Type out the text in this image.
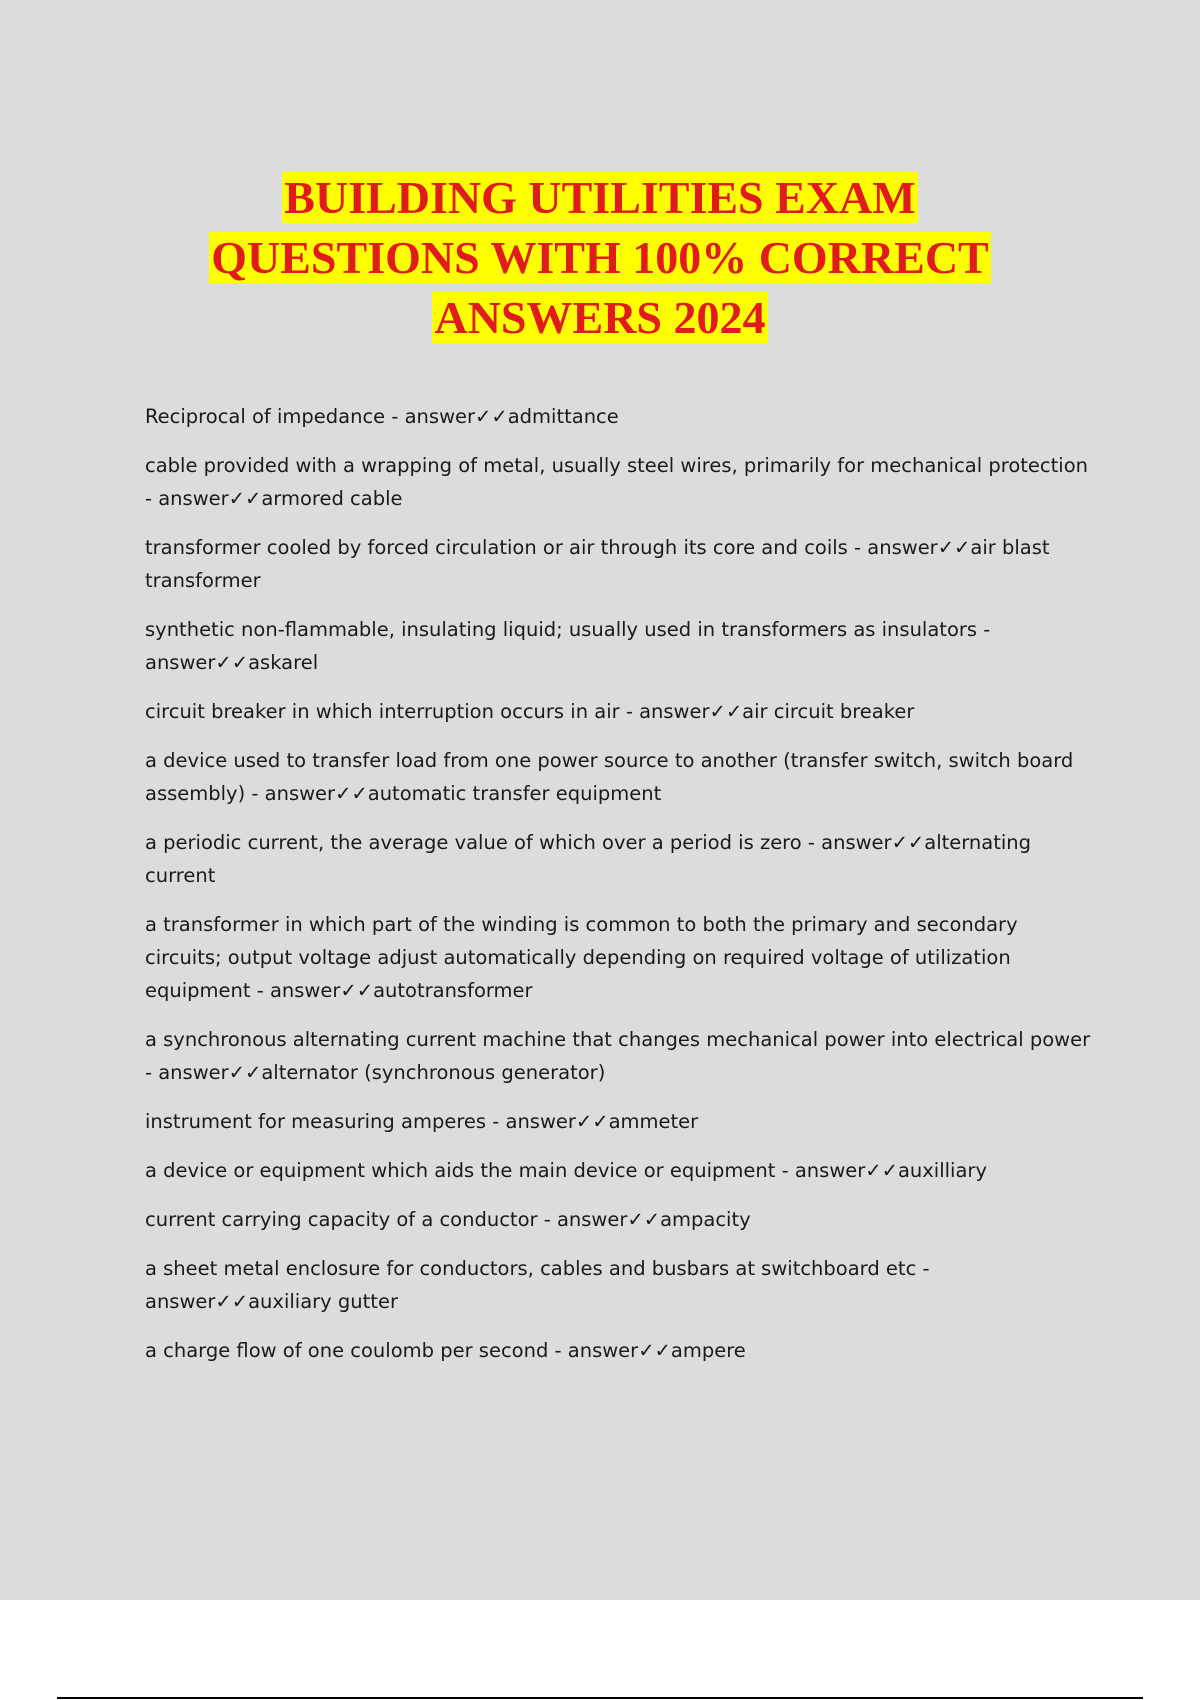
BUILDING UTILITIES EXAM
QUESTIONS WITH 100% CORRECT
ANSWERS 2024
Reciprocal of impedance - answer✓✓admittance
cable provided with a wrapping of metal, usually steel wires, primarily for mechanical protection - answer✓✓armored cable
transformer cooled by forced circulation or air through its core and coils - answer✓✓air blast transformer
synthetic non-flammable, insulating liquid; usually used in transformers as insulators - answer✓✓askarel
circuit breaker in which interruption occurs in air - answer✓✓air circuit breaker
a device used to transfer load from one power source to another (transfer switch, switch board assembly) - answer✓✓automatic transfer equipment
a periodic current, the average value of which over a period is zero - answer✓✓alternating current
a transformer in which part of the winding is common to both the primary and secondary circuits; output voltage adjust automatically depending on required voltage of utilization equipment - answer✓✓autotransformer
a synchronous alternating current machine that changes mechanical power into electrical power - answer✓✓alternator (synchronous generator)
instrument for measuring amperes - answer✓✓ammeter
a device or equipment which aids the main device or equipment - answer✓✓auxilliary
current carrying capacity of a conductor - answer✓✓ampacity
a sheet metal enclosure for conductors, cables and busbars at switchboard etc - answer✓✓auxiliary gutter
a charge flow of one coulomb per second - answer✓✓ampere
